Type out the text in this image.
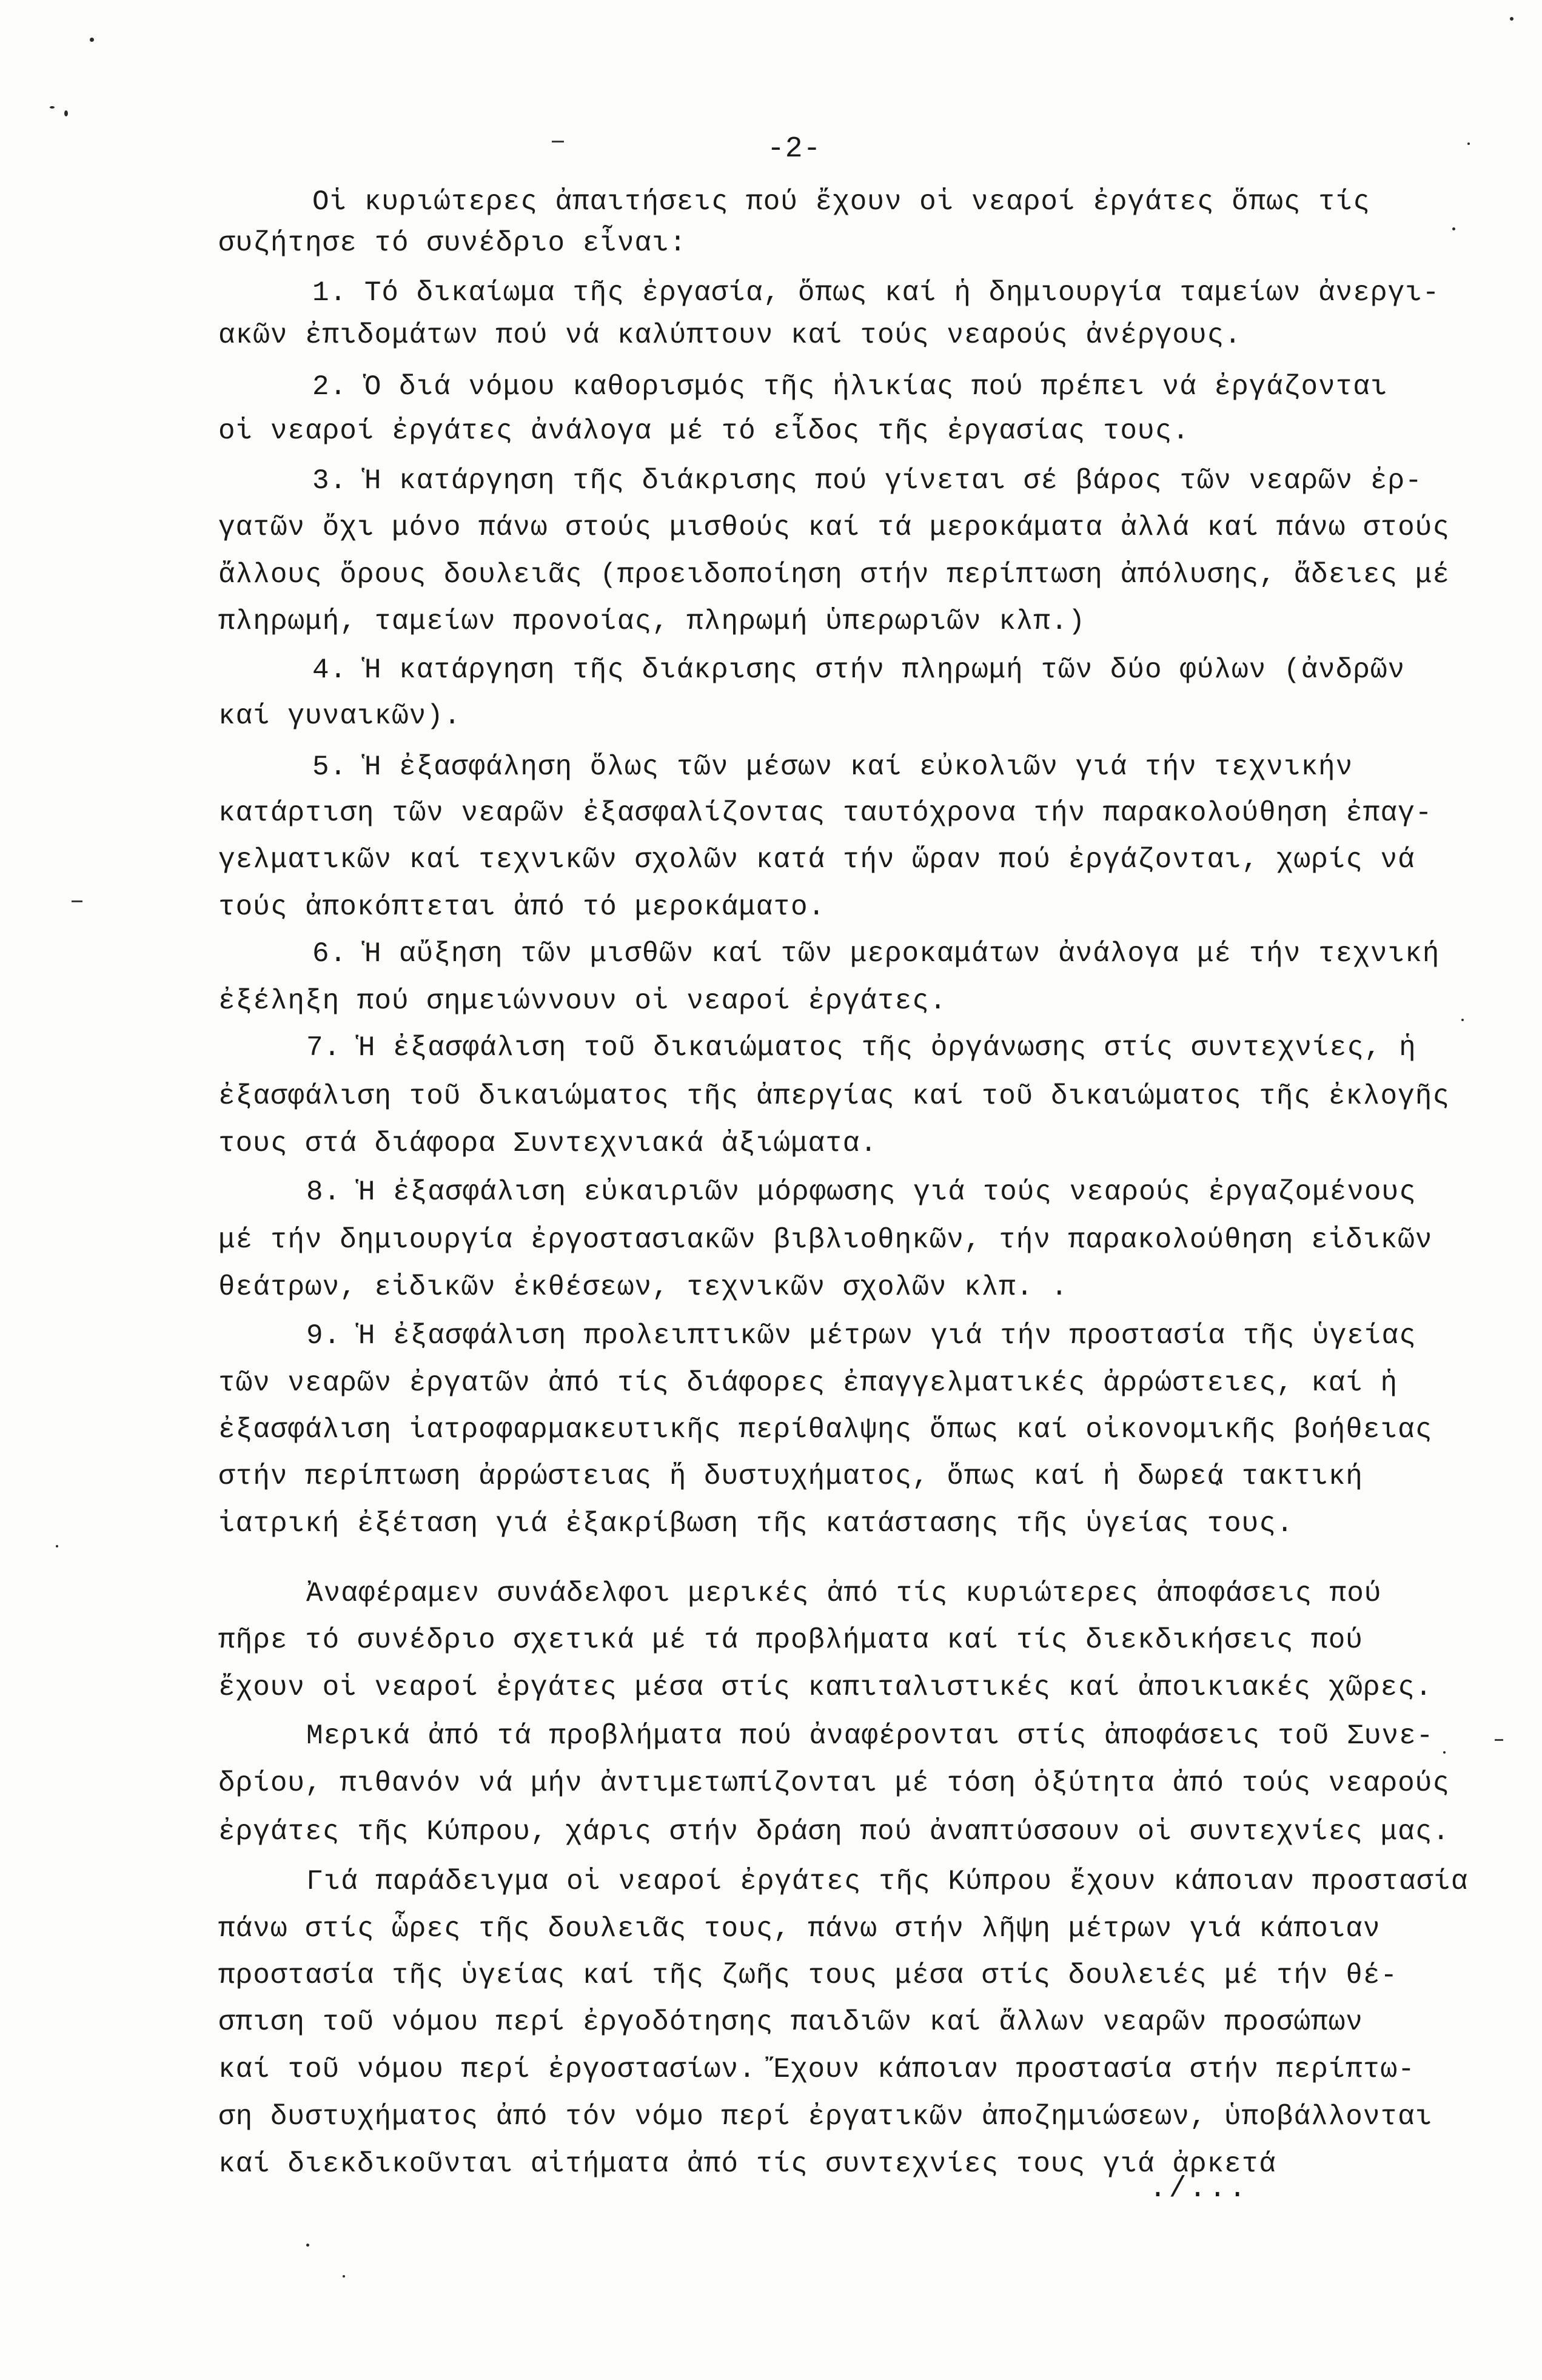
-2-
Οἱ κυριώτερες ἀπαιτήσεις πού ἔχουν οἱ νεαροί ἐργάτες ὅπως τίς
συζήτησε τό συνέδριο εἶναι:
1. Τό δικαίωμα τῆς ἐργασία, ὅπως καί ἡ δημιουργία ταμείων ἀνεργι-
ακῶν ἐπιδομάτων πού νά καλύπτουν καί τούς νεαρούς ἀνέργους.
2. Ὁ διά νόμου καθορισμός τῆς ἡλικίας πού πρέπει νά ἐργάζονται
οἱ νεαροί ἐργάτες ἀνάλογα μέ τό εἶδος τῆς ἐργασίας τους.
3. Ἡ κατάργηση τῆς διάκρισης πού γίνεται σέ βάρος τῶν νεαρῶν ἐρ-
γατῶν ὄχι μόνο πάνω στούς μισθούς καί τά μεροκάματα ἀλλά καί πάνω στούς
ἄλλους ὅρους δουλειᾶς (προειδοποίηση στήν περίπτωση ἀπόλυσης, ἄδειες μέ
πληρωμή, ταμείων προνοίας, πληρωμή ὑπερωριῶν κλπ.)
4. Ἡ κατάργηση τῆς διάκρισης στήν πληρωμή τῶν δύο φύλων (ἀνδρῶν
καί γυναικῶν).
5. Ἡ ἐξασφάληση ὅλως τῶν μέσων καί εὐκολιῶν γιά τήν τεχνικήν
κατάρτιση τῶν νεαρῶν ἐξασφαλίζοντας ταυτόχρονα τήν παρακολούθηση ἐπαγ-
γελματικῶν καί τεχνικῶν σχολῶν κατά τήν ὥραν πού ἐργάζονται, χωρίς νά
τούς ἀποκόπτεται ἀπό τό μεροκάματο.
6. Ἡ αὔξηση τῶν μισθῶν καί τῶν μεροκαμάτων ἀνάλογα μέ τήν τεχνική
ἐξέληξη πού σημειώννουν οἱ νεαροί ἐργάτες.
7. Ἡ ἐξασφάλιση τοῦ δικαιώματος τῆς ὀργάνωσης στίς συντεχνίες, ἡ
ἐξασφάλιση τοῦ δικαιώματος τῆς ἀπεργίας καί τοῦ δικαιώματος τῆς ἐκλογῆς
τους στά διάφορα Συντεχνιακά ἀξιώματα.
8. Ἡ ἐξασφάλιση εὐκαιριῶν μόρφωσης γιά τούς νεαρούς ἐργαζομένους
μέ τήν δημιουργία ἐργοστασιακῶν βιβλιοθηκῶν, τήν παρακολούθηση εἰδικῶν
θεάτρων, εἰδικῶν ἐκθέσεων, τεχνικῶν σχολῶν κλπ. .
9. Ἡ ἐξασφάλιση προλειπτικῶν μέτρων γιά τήν προστασία τῆς ὑγείας
τῶν νεαρῶν ἐργατῶν ἀπό τίς διάφορες ἐπαγγελματικές ἀρρώστειες, καί ἡ
ἐξασφάλιση ἰατροφαρμακευτικῆς περίθαλψης ὅπως καί οἰκονομικῆς βοήθειας
στήν περίπτωση ἀρρώστειας ἤ δυστυχήματος, ὅπως καί ἡ δωρεά τακτική
ἰατρική ἐξέταση γιά ἐξακρίβωση τῆς κατάστασης τῆς ὑγείας τους.
Ἀναφέραμεν συνάδελφοι μερικές ἀπό τίς κυριώτερες ἀποφάσεις πού
πῆρε τό συνέδριο σχετικά μέ τά προβλήματα καί τίς διεκδικήσεις πού
ἔχουν οἱ νεαροί ἐργάτες μέσα στίς καπιταλιστικές καί ἀποικιακές χῶρες.
Μερικά ἀπό τά προβλήματα πού ἀναφέρονται στίς ἀποφάσεις τοῦ Συνε-
δρίου, πιθανόν νά μήν ἀντιμετωπίζονται μέ τόση ὀξύτητα ἀπό τούς νεαρούς
ἐργάτες τῆς Κύπρου, χάρις στήν δράση πού ἀναπτύσσουν οἱ συντεχνίες μας.
Γιά παράδειγμα οἱ νεαροί ἐργάτες τῆς Κύπρου ἔχουν κάποιαν προστασία
πάνω στίς ὧρες τῆς δουλειᾶς τους, πάνω στήν λῆψη μέτρων γιά κάποιαν
προστασία τῆς ὑγείας καί τῆς ζωῆς τους μέσα στίς δουλειές μέ τήν θέ-
σπιση τοῦ νόμου περί ἐργοδότησης παιδιῶν καί ἄλλων νεαρῶν προσώπων
καί τοῦ νόμου περί ἐργοστασίων. Ἔχουν κάποιαν προστασία στήν περίπτω-
ση δυστυχήματος ἀπό τόν νόμο περί ἐργατικῶν ἀποζημιώσεων, ὑποβάλλονται
καί διεκδικοῦνται αἰτήματα ἀπό τίς συντεχνίες τους γιά ἀρκετά
./...
